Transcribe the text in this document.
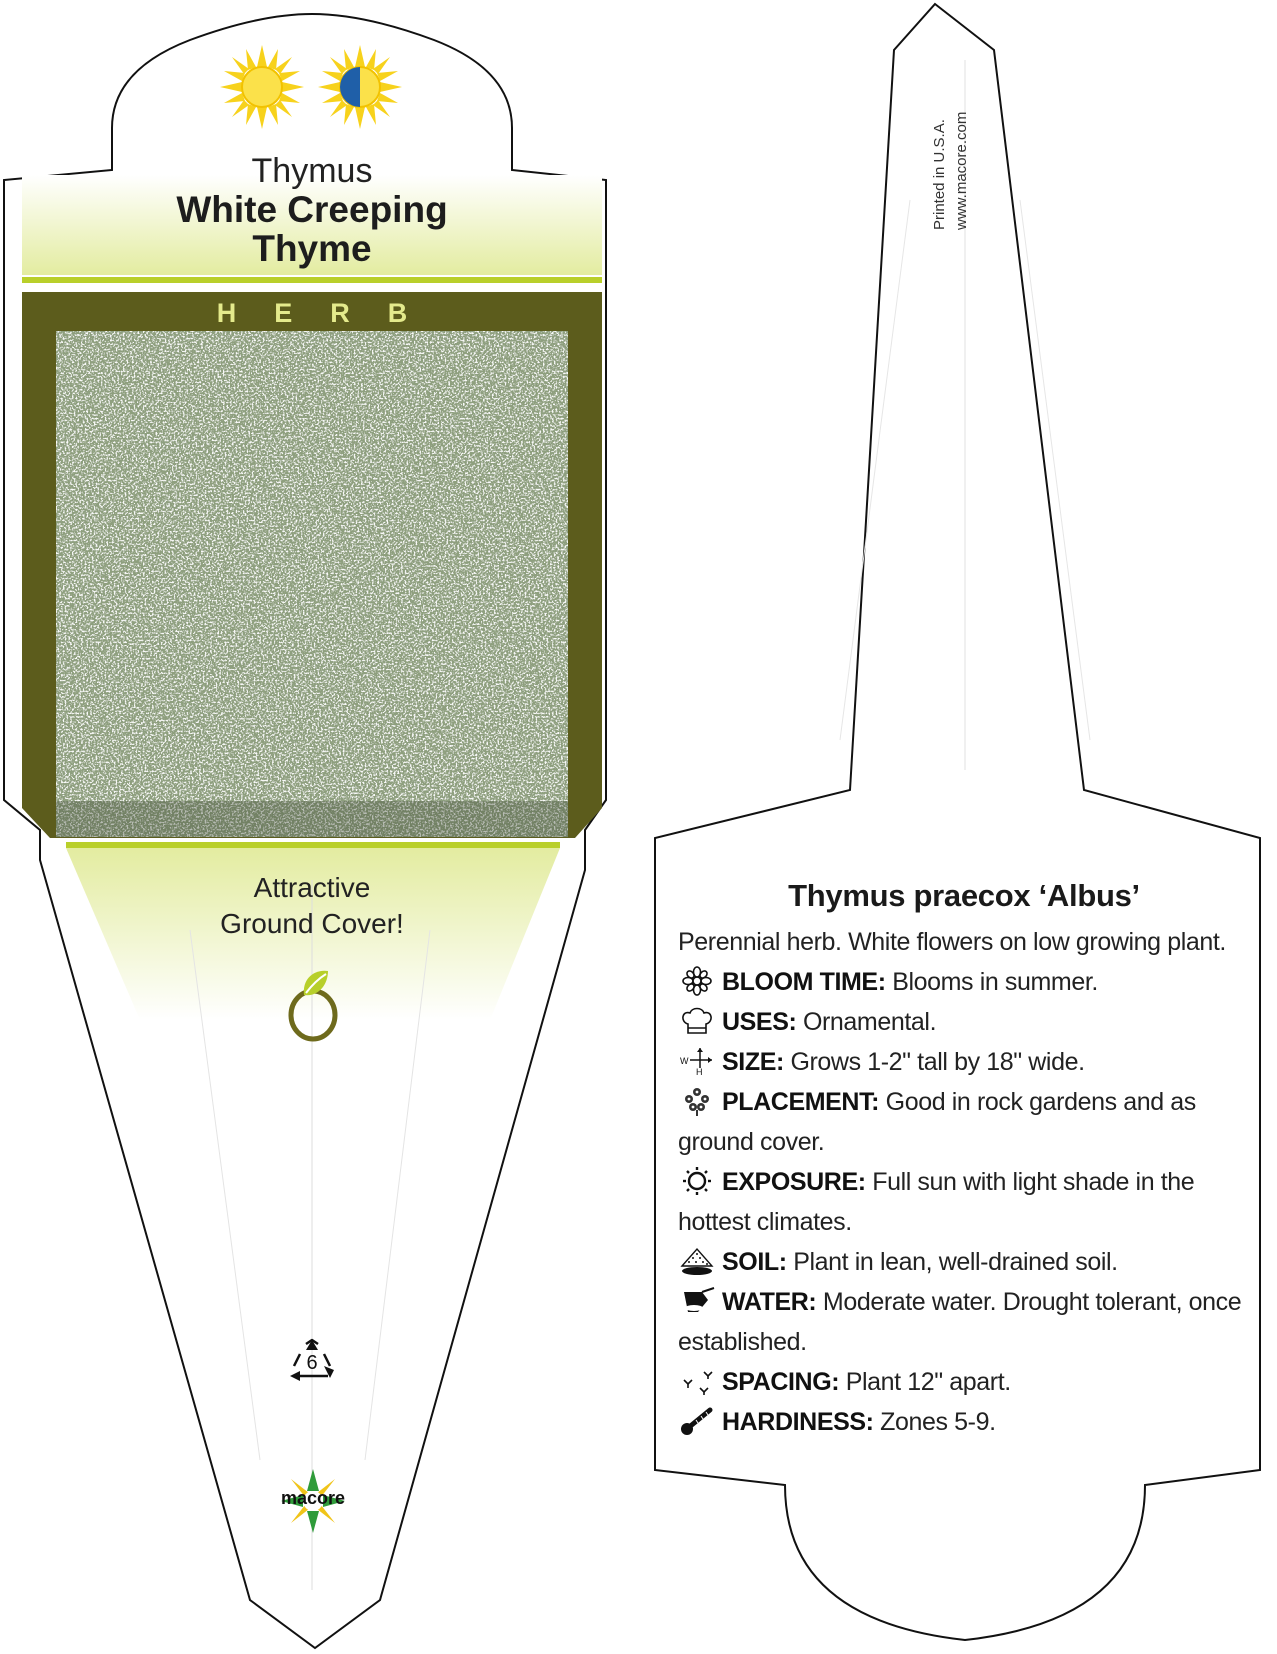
Thymus
White Creeping
Thyme
HERB
Attractive
Ground Cover!
6
macore
Printed in U.S.A. www.macore.com
Thymus praecox ‘Albus’
Perennial herb. White flowers on low growing plant.
BLOOM TIME: Blooms in summer.
USES: Ornamental.
W
H SIZE: Grows 1-2" tall by 18" wide.
PLACEMENT: Good in rock gardens and as ground cover.
EXPOSURE: Full sun with light shade in the hottest climates.
SOIL: Plant in lean, well-drained soil.
WATER: Moderate water. Drought tolerant, once established.
SPACING: Plant 12" apart.
HARDINESS: Zones 5-9.
